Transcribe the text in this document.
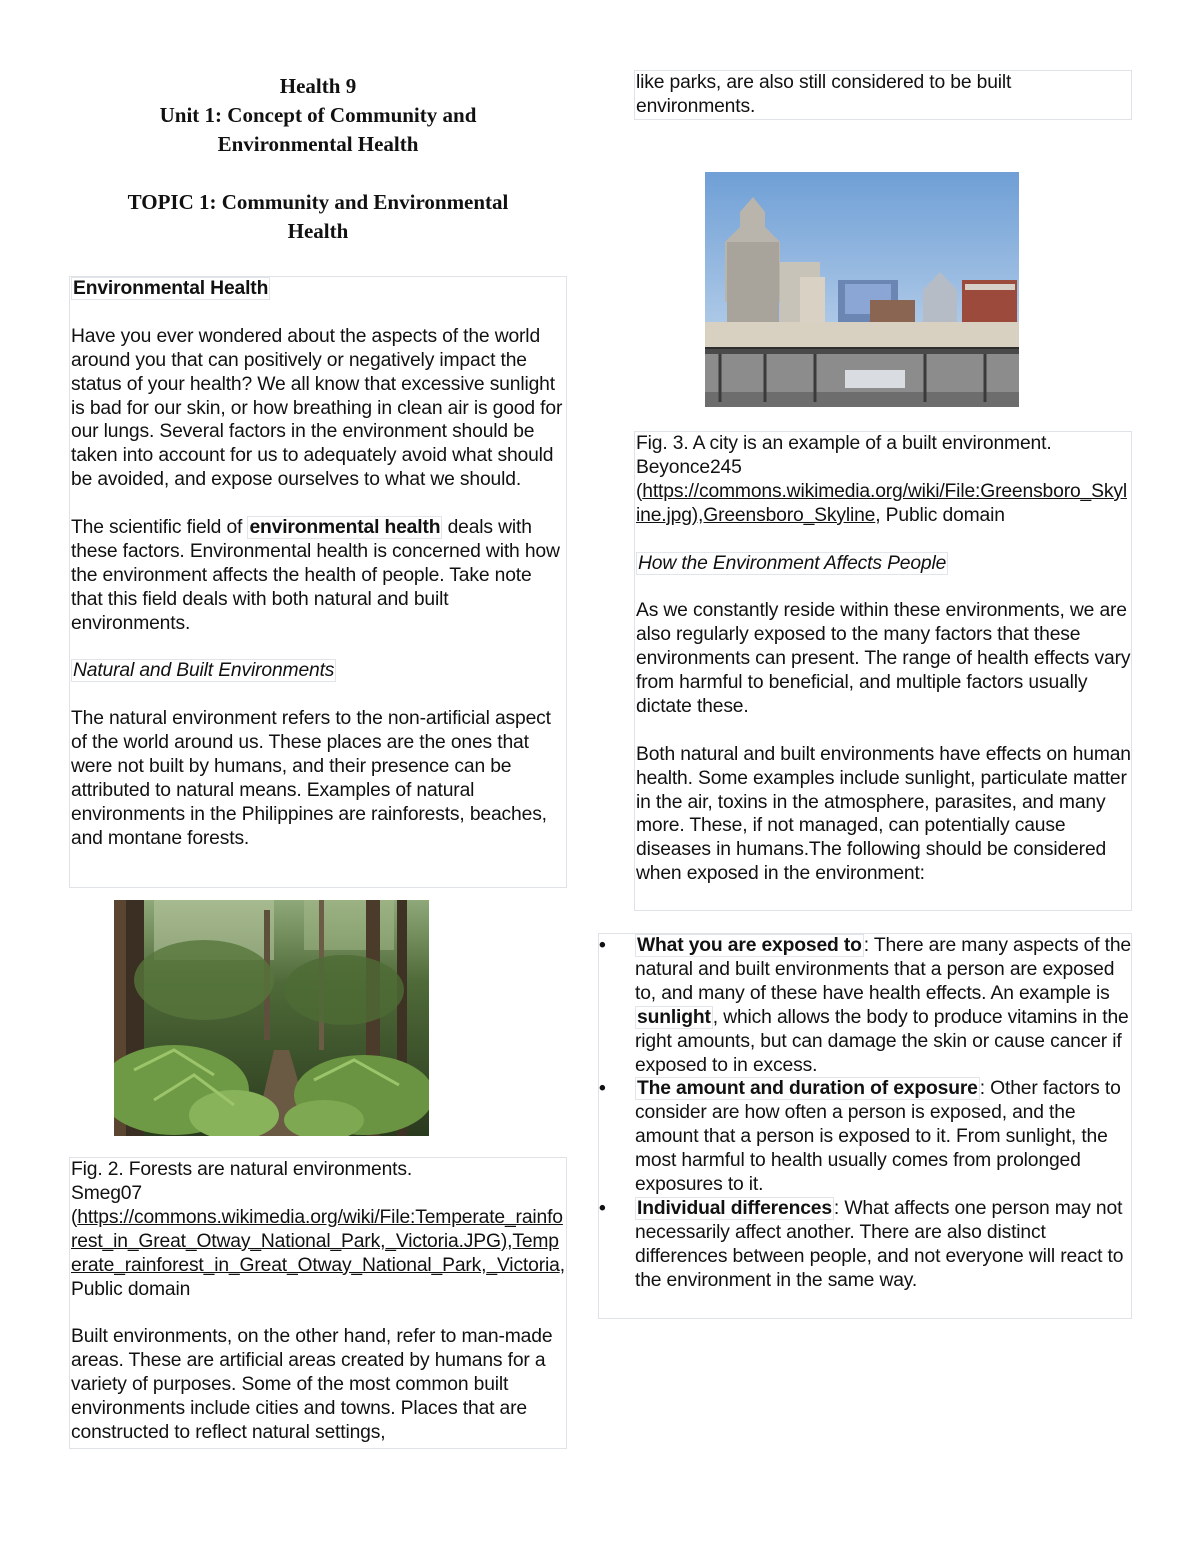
Health 9
Unit 1: Concept of Community and
Environmental Health
TOPIC 1: Community and Environmental
Health

Environmental Health

Have you ever wondered about the aspects of the world around you that can positively or negatively impact the status of your health? We all know that excessive sunlight is bad for our skin, or how breathing in clean air is good for our lungs. Several factors in the environment should be taken into account for us to adequately avoid what should be avoided, and expose ourselves to what we should.

The scientific field of environmental health deals with these factors. Environmental health is concerned with how the environment affects the health of people. Take note that this field deals with both natural and built environments.

Natural and Built Environments

The natural environment refers to the non-artificial aspect of the world around us. These places are the ones that were not built by humans, and their presence can be attributed to natural means. Examples of natural environments in the Philippines are rainforests, beaches, and montane forests.

Fig. 2. Forests are natural environments.

Smeg07

(https://commons.wikimedia.org/wiki/File:Temperate_rainforest_in_Great_Otway_National_Park,_Victoria.JPG),Temperate_rainforest_in_Great_Otway_National_Park,_Victoria, Public domain

Built environments, on the other hand, refer to man-made areas. These are artificial areas created by humans for a variety of purposes. Some of the most common built environments include cities and towns. Places that are constructed to reflect natural settings,

like parks, are also still considered to be built environments.

Fig. 3. A city is an example of a built environment.

Beyonce245

(https://commons.wikimedia.org/wiki/File:Greensboro_Skyline.jpg),Greensboro_Skyline, Public domain

How the Environment Affects People

As we constantly reside within these environments, we are also regularly exposed to the many factors that these environments can present. The range of health effects vary from harmful to beneficial, and multiple factors usually dictate these.

Both natural and built environments have effects on human health. Some examples include sunlight, particulate matter in the air, toxins in the atmosphere, parasites, and many more. These, if not managed, can potentially cause diseases in humans.The following should be considered when exposed in the environment:

• What you are exposed to : There are many aspects of the natural and built environments that a person are exposed to, and many of these have health effects. An example is sunlight , which allows the body to produce vitamins in the right amounts, but can damage the skin or cause cancer if exposed to in excess.
• The amount and duration of exposure : Other factors to consider are how often a person is exposed, and the amount that a person is exposed to it. From sunlight, the most harmful to health usually comes from prolonged exposures to it.
• Individual differences : What affects one person may not necessarily affect another. There are also distinct differences between people, and not everyone will react to the environment in the same way.
